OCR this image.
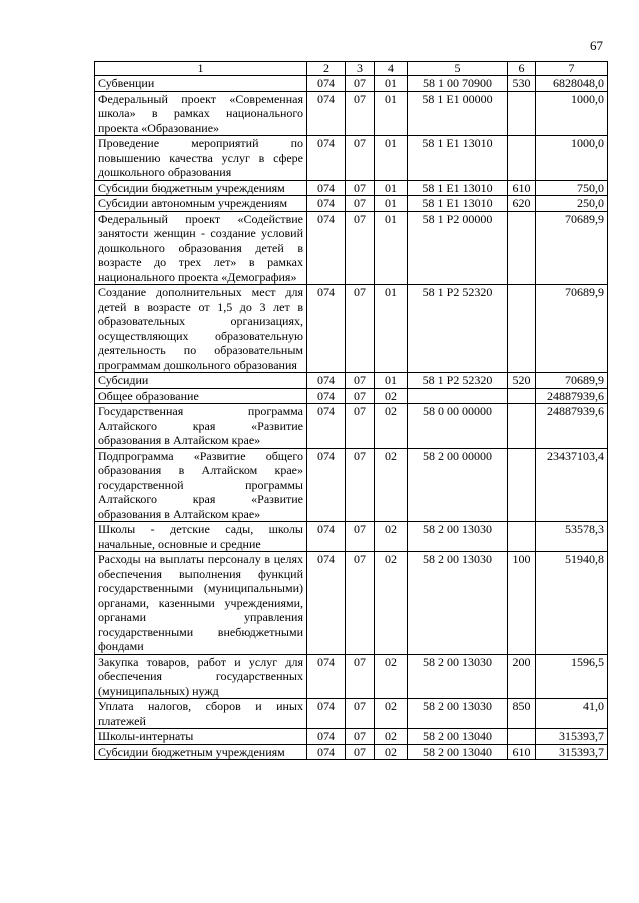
67
1	2	3	4	5	6	7
Субвенции	074	07	01	58 1 00 70900	530	6828048,0
Федеральный проект «Современная школа» в рамках национального проекта «Образование»	074	07	01	58 1 E1 00000		1000,0
Проведение мероприятий по повышению качества услуг в сфере дошкольного образования	074	07	01	58 1 E1 13010		1000,0
Субсидии бюджетным учреждениям	074	07	01	58 1 E1 13010	610	750,0
Субсидии автономным учреждениям	074	07	01	58 1 E1 13010	620	250,0
Федеральный проект «Содействие занятости женщин - создание условий дошкольного образования детей в возрасте до трех лет» в рамках национального проекта «Демография»	074	07	01	58 1 P2 00000		70689,9
Создание дополнительных мест для детей в возрасте от 1,5 до 3 лет в образовательных организациях, осуществляющих образовательную деятельность по образовательным программам дошкольного образования	074	07	01	58 1 P2 52320		70689,9
Субсидии	074	07	01	58 1 P2 52320	520	70689,9
Общее образование	074	07	02			24887939,6
Государственная программа Алтайского края «Развитие образования в Алтайском крае»	074	07	02	58 0 00 00000		24887939,6
Подпрограмма «Развитие общего образования в Алтайском крае» государственной программы Алтайского края «Развитие образования в Алтайском крае»	074	07	02	58 2 00 00000		23437103,4
Школы - детские сады, школы начальные, основные и средние	074	07	02	58 2 00 13030		53578,3
Расходы на выплаты персоналу в целях обеспечения выполнения функций государственными (муниципальными) органами, казенными учреждениями, органами управления государственными внебюджетными фондами	074	07	02	58 2 00 13030	100	51940,8
Закупка товаров, работ и услуг для обеспечения государственных (муниципальных) нужд	074	07	02	58 2 00 13030	200	1596,5
Уплата налогов, сборов и иных платежей	074	07	02	58 2 00 13030	850	41,0
Школы-интернаты	074	07	02	58 2 00 13040		315393,7
Субсидии бюджетным учреждениям	074	07	02	58 2 00 13040	610	315393,7
